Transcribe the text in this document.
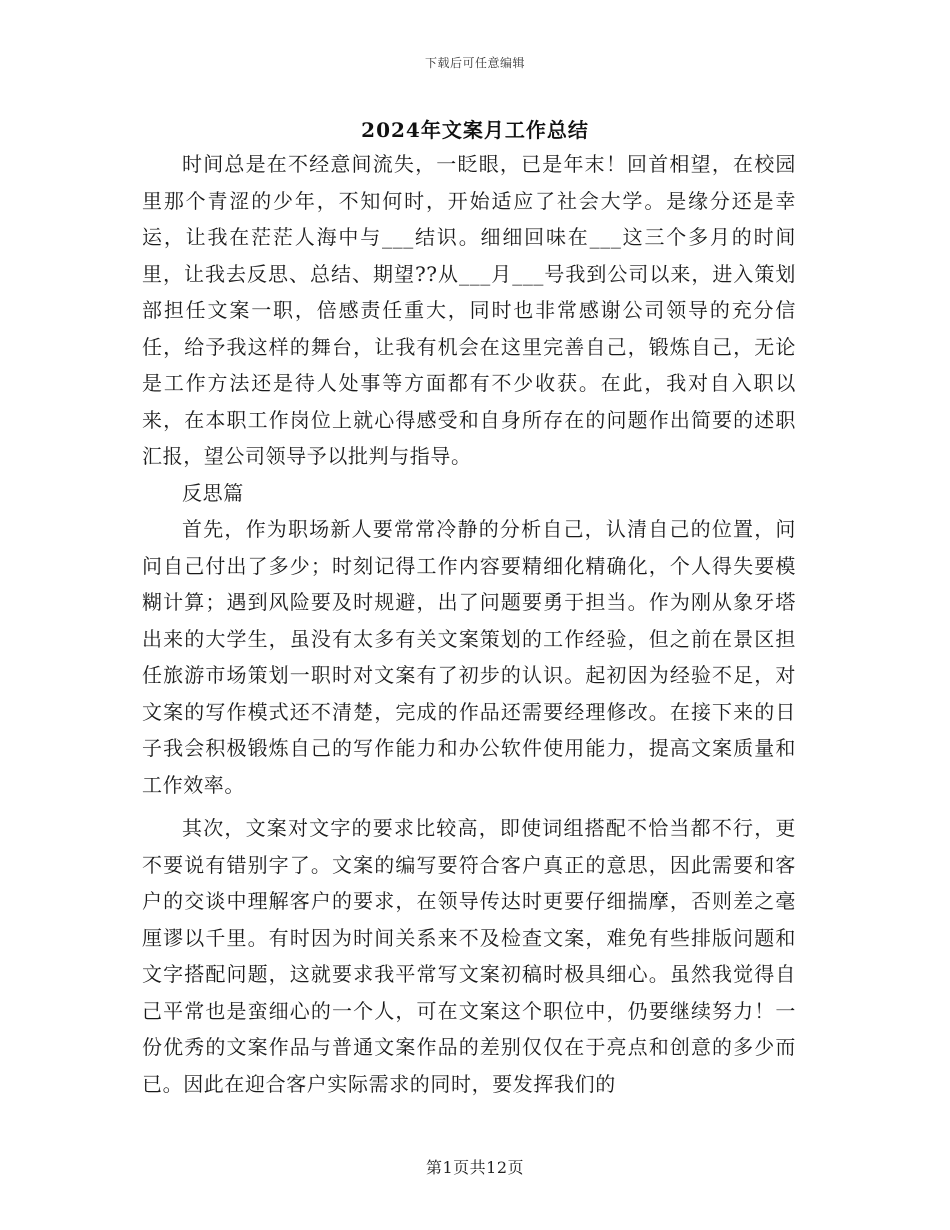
下载后可任意编辑
2024年文案月工作总结

时间总是在不经意间流失，一眨眼，已是年末！回首相望，在校园里那个青涩的少年，不知何时，开始适应了社会大学。是缘分还是幸运，让我在茫茫人海中与___结识。细细回味在___这三个多月的时间里，让我去反思、总结、期望??从___月___号我到公司以来，进入策划部担任文案一职，倍感责任重大，同时也非常感谢公司领导的充分信任，给予我这样的舞台，让我有机会在这里完善自己，锻炼自己，无论是工作方法还是待人处事等方面都有不少收获。在此，我对自入职以来，在本职工作岗位上就心得感受和自身所存在的问题作出简要的述职汇报，望公司领导予以批判与指导。

反思篇

首先，作为职场新人要常常冷静的分析自己，认清自己的位置，问问自己付出了多少；时刻记得工作内容要精细化精确化，个人得失要模糊计算；遇到风险要及时规避，出了问题要勇于担当。作为刚从象牙塔出来的大学生，虽没有太多有关文案策划的工作经验，但之前在景区担任旅游市场策划一职时对文案有了初步的认识。起初因为经验不足，对文案的写作模式还不清楚，完成的作品还需要经理修改。在接下来的日子我会积极锻炼自己的写作能力和办公软件使用能力，提高文案质量和工作效率。

其次，文案对文字的要求比较高，即使词组搭配不恰当都不行，更不要说有错别字了。文案的编写要符合客户真正的意思，因此需要和客户的交谈中理解客户的要求，在领导传达时更要仔细揣摩，否则差之毫厘谬以千里。有时因为时间关系来不及检查文案，难免有些排版问题和文字搭配问题，这就要求我平常写文案初稿时极具细心。虽然我觉得自己平常也是蛮细心的一个人，可在文案这个职位中，仍要继续努力！一份优秀的文案作品与普通文案作品的差别仅仅在于亮点和创意的多少而已。因此在迎合客户实际需求的同时，要发挥我们的

第1页共12页
